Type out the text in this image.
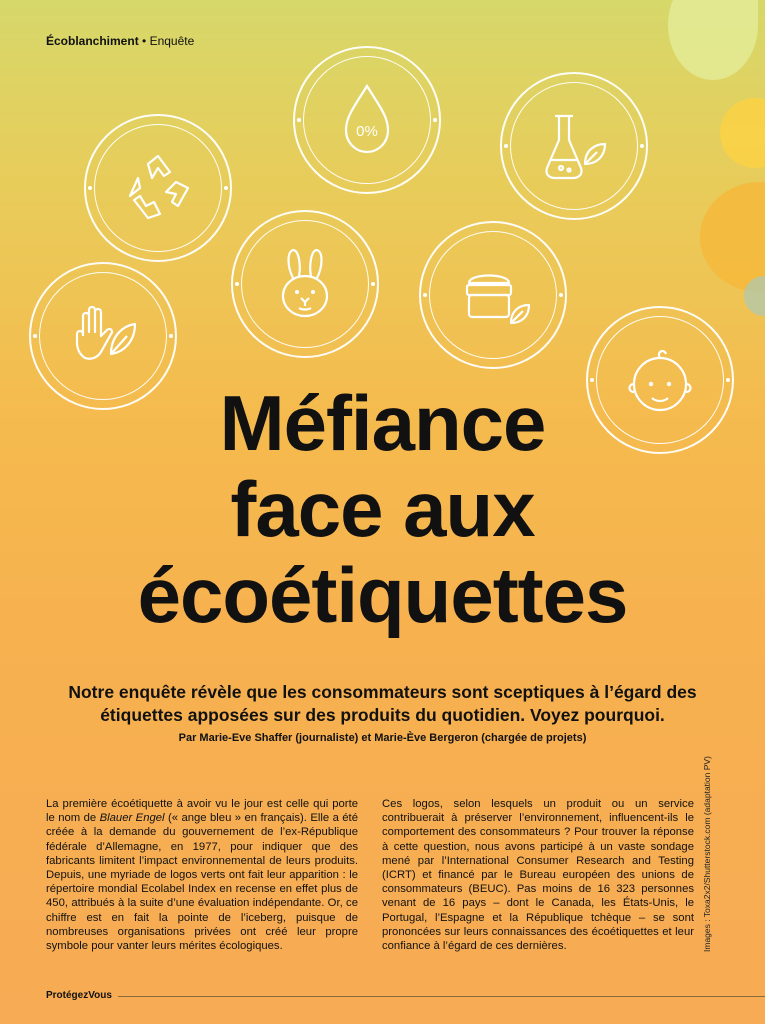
Écoblanchiment • Enquête
0%
Méfiance
face aux
écoétiquettes

Notre enquête révèle que les consommateurs sont sceptiques à l’égard des étiquettes apposées sur des produits du quotidien. Voyez pourquoi.

Par Marie-Eve Shaffer (journaliste) et Marie-Ève Bergeron (chargée de projets)

La première écoétiquette à avoir vu le jour est celle qui porte le nom de Blauer Engel (« ange bleu » en français). Elle a été créée à la demande du gouvernement de l’ex-République fédérale d’Allemagne, en 1977, pour indiquer que des fabricants limitent l’impact environnemental de leurs produits. Depuis, une myriade de logos verts ont fait leur apparition : le répertoire mondial Ecolabel Index en recense en effet plus de 450, attribués à la suite d’une évaluation indépendante. Or, ce chiffre est en fait la pointe de l’iceberg, puisque de nombreuses organisations privées ont créé leur propre symbole pour vanter leurs mérites écologiques.
Ces logos, selon lesquels un produit ou un service contribuerait à préserver l’environnement, influencent-ils le comportement des consommateurs ? Pour trouver la réponse à cette question, nous avons participé à un vaste sondage mené par l’International Consumer Research and Testing (ICRT) et financé par le Bureau européen des unions de consommateurs (BEUC). Pas moins de 16 323 personnes venant de 16 pays – dont le Canada, les États-Unis, le Portugal, l’Espagne et la République tchèque – se sont prononcées sur leurs connaissances des écoétiquettes et leur confiance à l’égard de ces dernières.	Images : Toxa2x2/Shutterstock.com (adaptation PV)
ProtégezVous
